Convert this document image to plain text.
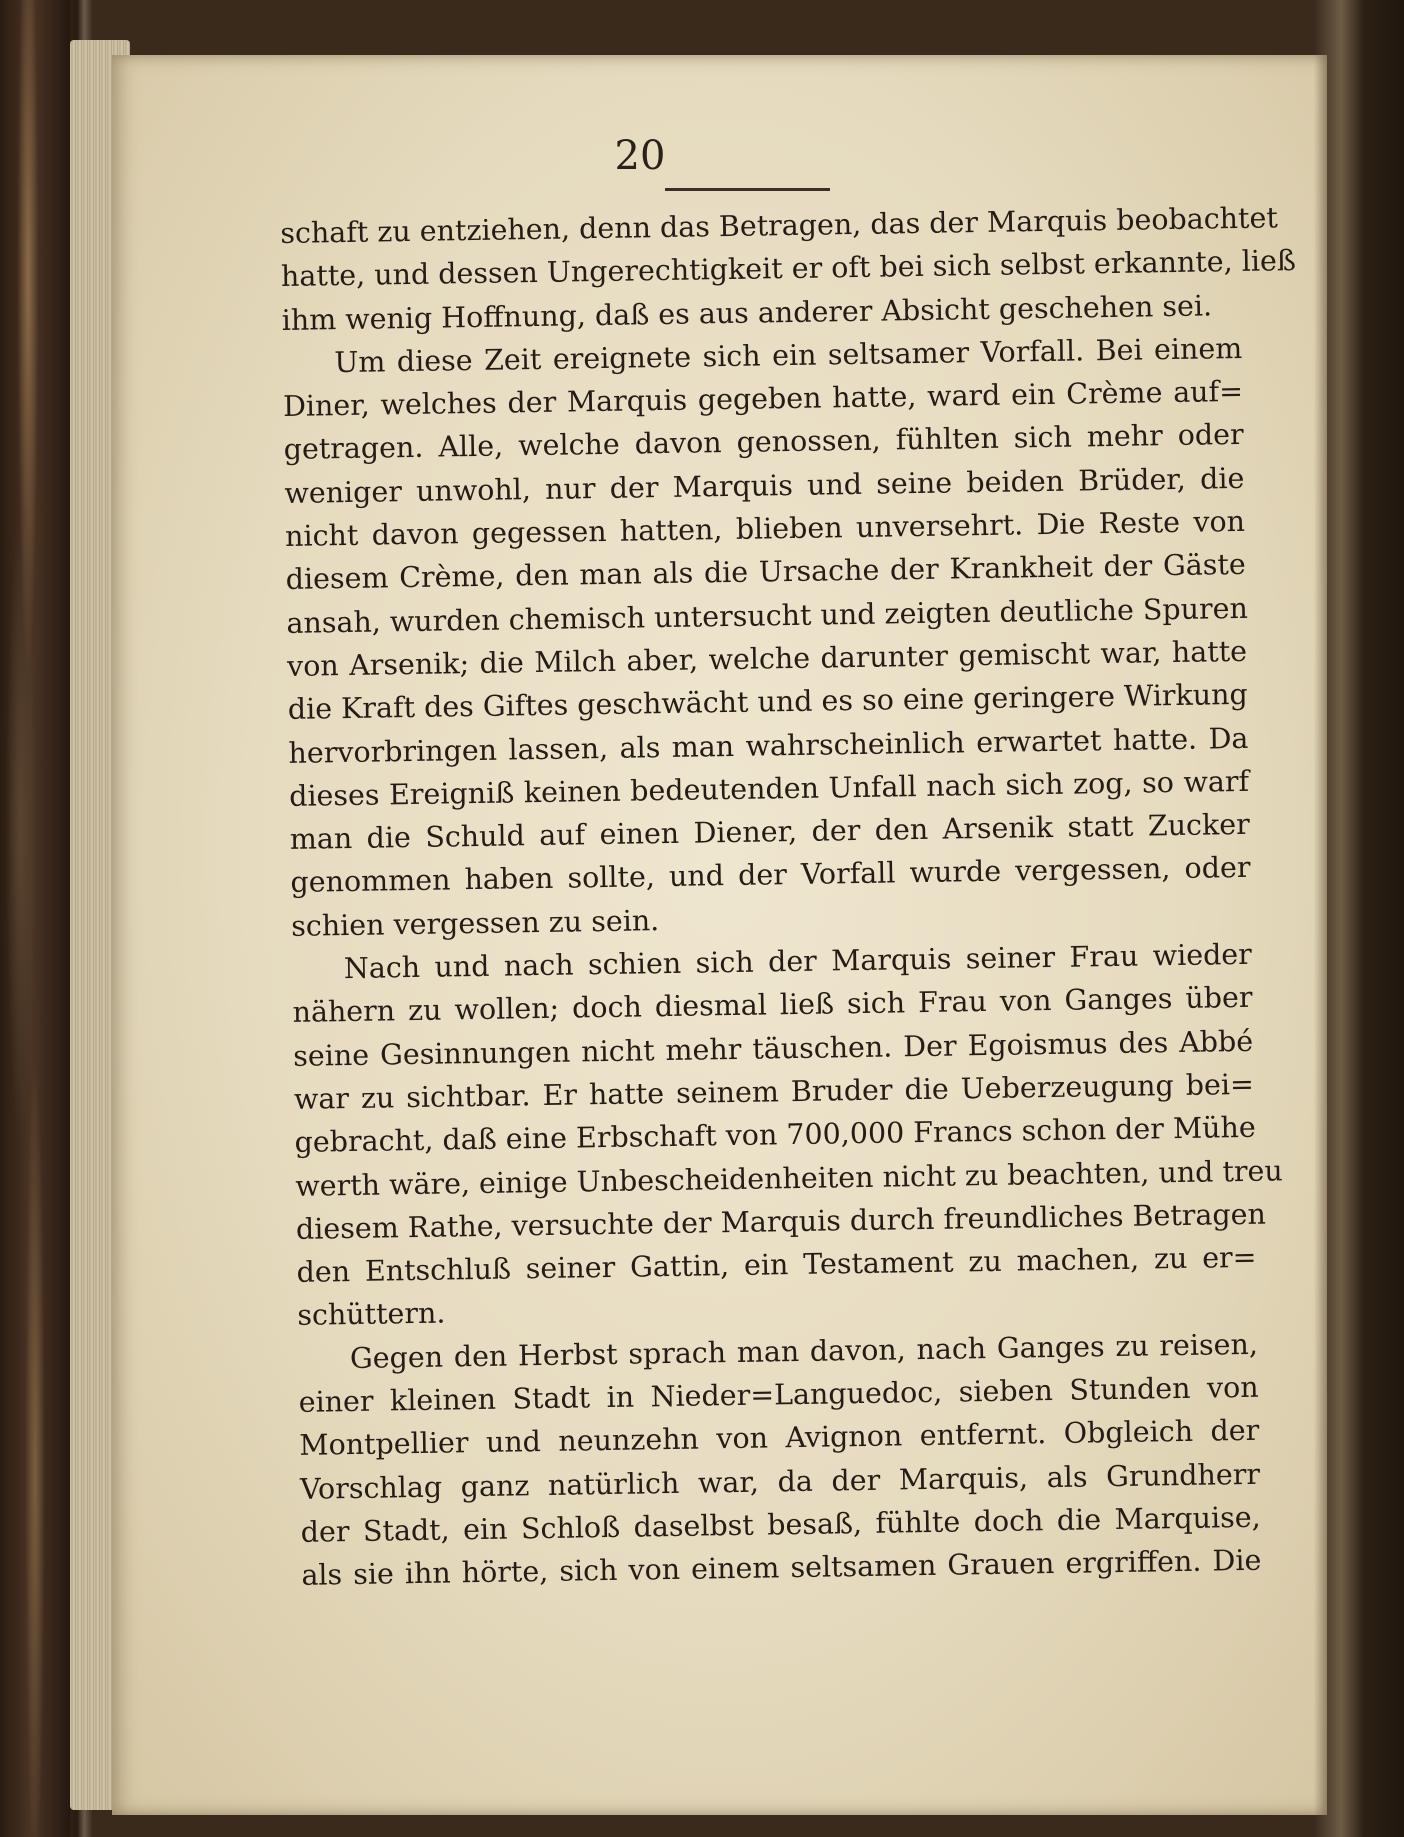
20
schaft zu entziehen, denn das Betragen, das der Marquis beobachtet
hatte, und dessen Ungerechtigkeit er oft bei sich selbst erkannte, ließ
ihm wenig Hoffnung, daß es aus anderer Absicht geschehen sei.
Um diese Zeit ereignete sich ein seltsamer Vorfall. Bei einem
Diner, welches der Marquis gegeben hatte, ward ein Crème auf=
getragen. Alle, welche davon genossen, fühlten sich mehr oder
weniger unwohl, nur der Marquis und seine beiden Brüder, die
nicht davon gegessen hatten, blieben unversehrt. Die Reste von
diesem Crème, den man als die Ursache der Krankheit der Gäste
ansah, wurden chemisch untersucht und zeigten deutliche Spuren
von Arsenik; die Milch aber, welche darunter gemischt war, hatte
die Kraft des Giftes geschwächt und es so eine geringere Wirkung
hervorbringen lassen, als man wahrscheinlich erwartet hatte. Da
dieses Ereigniß keinen bedeutenden Unfall nach sich zog, so warf
man die Schuld auf einen Diener, der den Arsenik statt Zucker
genommen haben sollte, und der Vorfall wurde vergessen, oder
schien vergessen zu sein.
Nach und nach schien sich der Marquis seiner Frau wieder
nähern zu wollen; doch diesmal ließ sich Frau von Ganges über
seine Gesinnungen nicht mehr täuschen. Der Egoismus des Abbé
war zu sichtbar. Er hatte seinem Bruder die Ueberzeugung bei=
gebracht, daß eine Erbschaft von 700,000 Francs schon der Mühe
werth wäre, einige Unbescheidenheiten nicht zu beachten, und treu
diesem Rathe, versuchte der Marquis durch freundliches Betragen
den Entschluß seiner Gattin, ein Testament zu machen, zu er=
schüttern.
Gegen den Herbst sprach man davon, nach Ganges zu reisen,
einer kleinen Stadt in Nieder=Languedoc, sieben Stunden von
Montpellier und neunzehn von Avignon entfernt. Obgleich der
Vorschlag ganz natürlich war, da der Marquis, als Grundherr
der Stadt, ein Schloß daselbst besaß, fühlte doch die Marquise,
als sie ihn hörte, sich von einem seltsamen Grauen ergriffen. Die
